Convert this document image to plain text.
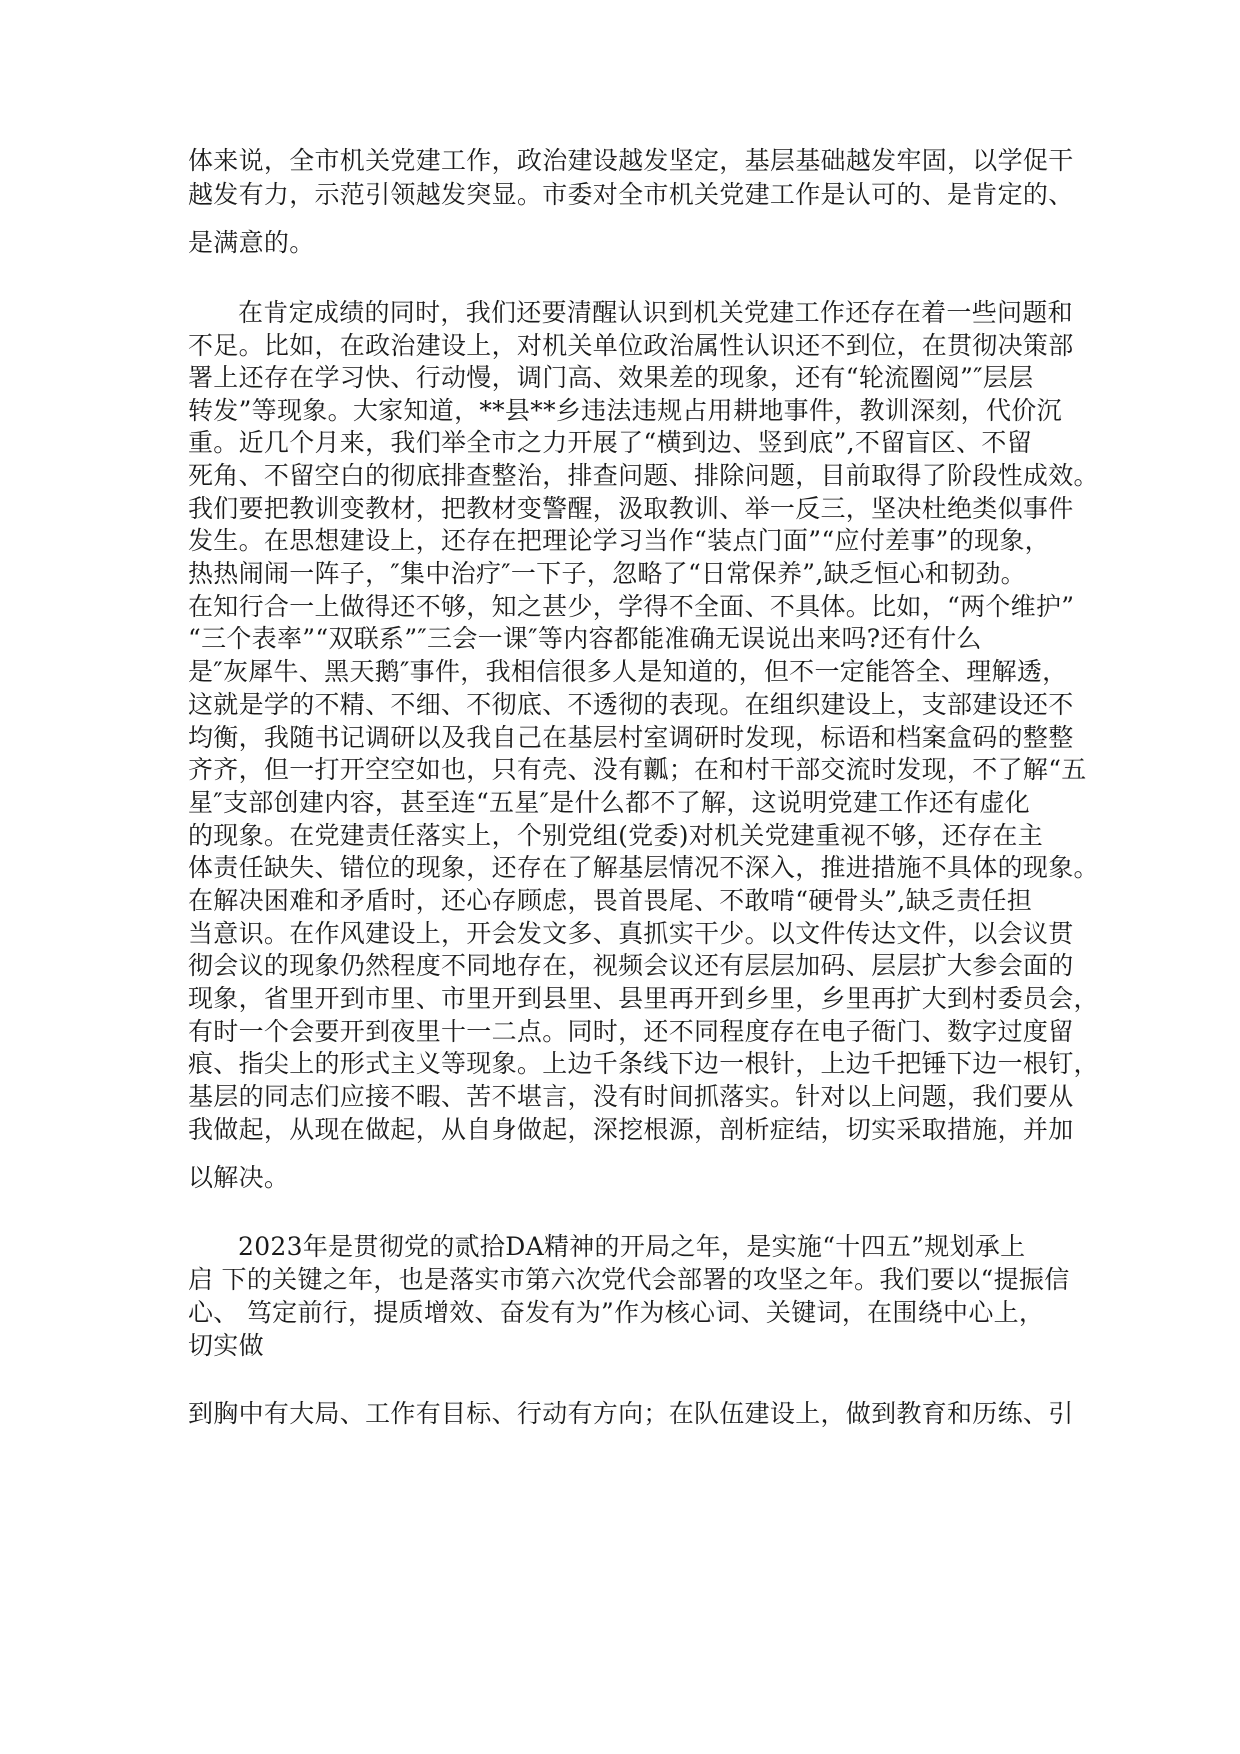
体来说，全市机关党建工作，政治建设越发坚定，基层基础越发牢固，以学促干
越发有力，示范引领越发突显。市委对全市机关党建工作是认可的、是肯定的、
是满意的。
在肯定成绩的同时，我们还要清醒认识到机关党建工作还存在着一些问题和
不足。比如，在政治建设上，对机关单位政治属性认识还不到位，在贯彻决策部
署上还存在学习快、行动慢，调门高、效果差的现象，还有“轮流圈阅”″层层
转发”等现象。大家知道，**县**乡违法违规占用耕地事件，教训深刻，代价沉
重。近几个月来，我们举全市之力开展了“横到边、竖到底”,不留盲区、不留
死角、不留空白的彻底排查整治，排查问题、排除问题，目前取得了阶段性成效。
我们要把教训变教材，把教材变警醒，汲取教训、举一反三，坚决杜绝类似事件
发生。在思想建设上，还存在把理论学习当作“装点门面”“应付差事”的现象，
热热闹闹一阵子，″集中治疗″一下子，忽略了“日常保养”,缺乏恒心和韧劲。
在知行合一上做得还不够，知之甚少，学得不全面、不具体。比如，“两个维护”
“三个表率”“双联系”″三会一课″等内容都能准确无误说出来吗?还有什么
是″灰犀牛、黑天鹅″事件，我相信很多人是知道的，但不一定能答全、理解透，
这就是学的不精、不细、不彻底、不透彻的表现。在组织建设上，支部建设还不
均衡，我随书记调研以及我自己在基层村室调研时发现，标语和档案盒码的整整
齐齐，但一打开空空如也，只有壳、没有瓤；在和村干部交流时发现，不了解“五
星″支部创建内容，甚至连“五星″是什么都不了解，这说明党建工作还有虚化
的现象。在党建责任落实上，个别党组(党委)对机关党建重视不够，还存在主
体责任缺失、错位的现象，还存在了解基层情况不深入，推进措施不具体的现象。
在解决困难和矛盾时，还心存顾虑，畏首畏尾、不敢啃“硬骨头”,缺乏责任担
当意识。在作风建设上，开会发文多、真抓实干少。以文件传达文件，以会议贯
彻会议的现象仍然程度不同地存在，视频会议还有层层加码、层层扩大参会面的
现象，省里开到市里、市里开到县里、县里再开到乡里，乡里再扩大到村委员会，
有时一个会要开到夜里十一二点。同时，还不同程度存在电子衙门、数字过度留
痕、指尖上的形式主义等现象。上边千条线下边一根针，上边千把锤下边一根钉，
基层的同志们应接不暇、苦不堪言，没有时间抓落实。针对以上问题，我们要从
我做起，从现在做起，从自身做起，深挖根源，剖析症结，切实采取措施，并加
以解决。
2023年是贯彻党的贰拾DA精神的开局之年，是实施“十四五”规划承上
启 下的关键之年，也是落实市第六次党代会部署的攻坚之年。我们要以“提振信
心、 笃定前行，提质增效、奋发有为”作为核心词、关键词，在围绕中心上，
切实做
到胸中有大局、工作有目标、行动有方向；在队伍建设上，做到教育和历练、引
